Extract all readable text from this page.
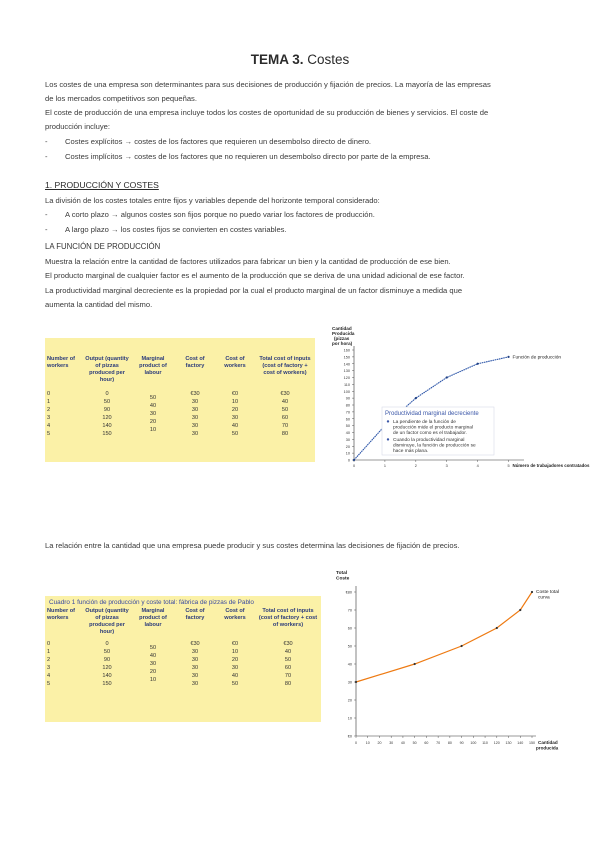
TEMA 3. Costes
Los costes de una empresa son determinantes para sus decisiones de producción y fijación de precios. La mayoría de las empresas
de los mercados competitivos son pequeñas.
El coste de producción de una empresa incluye todos los costes de oportunidad de su producción de bienes y servicios. El coste de
producción incluye:
- Costes explícitos → costes de los factores que requieren un desembolso directo de dinero.
- Costes implícitos → costes de los factores que no requieren un desembolso directo por parte de la empresa.
1. PRODUCCIÓN Y COSTES
La división de los costes totales entre fijos y variables depende del horizonte temporal considerado:
- A corto plazo → algunos costes son fijos porque no puedo variar los factores de producción.
- A largo plazo → los costes fijos se convierten en costes variables.
LA FUNCIÓN DE PRODUCCIÓN
Muestra la relación entre la cantidad de factores utilizados para fabricar un bien y la cantidad de producción de ese bien.
El producto marginal de cualquier factor es el aumento de la producción que se deriva de una unidad adicional de ese factor.
La productividad marginal decreciente es la propiedad por la cual el producto marginal de un factor disminuye a medida que
aumenta la cantidad del mismo.
Number of workers	Output (quantity of pizzas produced per hour)	Marginal product of labour	Cost of factory	Cost of workers	Total cost of inputs (cost of factory + cost of workers)

0	0		€30	€0	€30
1	50	50	30	10	40
2	90	40	30	20	50
3	120	30	30	30	60
4	140	20	30	40	70
5	150	10	30	50	80
Cantidad Producida (pizzas por hora)
0
10
20
30
40
50
60
70
80
90
100
110
120
130
140
150
160
0	1	2	3	4	5
Función de producción
Número de trabajadores contratados
Productividad marginal decreciente
La pendiente de la función de producción mide el producto marginal de un factor como es el trabajador.
Cuando la productividad marginal disminuye, la función de producción se hace más plana.
La relación entre la cantidad que una empresa puede producir y sus costes determina las decisiones de fijación de precios.
Cuadro 1 función de producción y coste total: fábrica de pizzas de Pablo
Number of workers	Output (quantity of pizzas produced per hour)	Marginal product of labour	Cost of factory	Cost of workers	Total cost of inputs (cost of factory + cost of workers)

0	0		€30	€0	€30
1	50	50	30	10	40
2	90	40	30	20	50
3	120	30	30	30	60
4	140	20	30	40	70
5	150	10	30	50	80
Total Coste
€0
10
20
30
40
50
60
70
€80
0 10 20 30 40 50 60 70 80 90 100 110 120 130 140 150
Coste total curva
Cantidad producida
